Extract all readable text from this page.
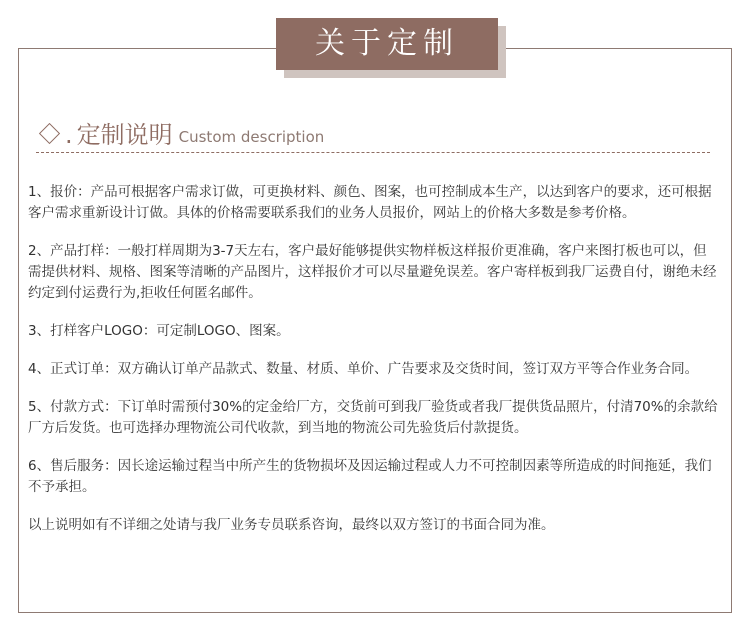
关于定制
. 定制说明 Custom description

1、报价：产品可根据客户需求订做，可更换材料、颜色、图案，也可控制成本生产，以达到客户的要求，还可根据客户需求重新设计订做。具体的价格需要联系我们的业务人员报价，网站上的价格大多数是参考价格。

2、产品打样：一般打样周期为3-7天左右，客户最好能够提供实物样板这样报价更准确，客户来图打板也可以，但需提供材料、规格、图案等清晰的产品图片，这样报价才可以尽量避免误差。客户寄样板到我厂运费自付，谢绝未经约定到付运费行为,拒收任何匿名邮件。

3、打样客户LOGO：可定制LOGO、图案。

4、正式订单：双方确认订单产品款式、数量、材质、单价、广告要求及交货时间，签订双方平等合作业务合同。

5、付款方式：下订单时需预付30%的定金给厂方，交货前可到我厂验货或者我厂提供货品照片，付清70%的余款给厂方后发货。也可选择办理物流公司代收款，到当地的物流公司先验货后付款提货。

6、售后服务：因长途运输过程当中所产生的货物损坏及因运输过程或人力不可控制因素等所造成的时间拖延，我们不予承担。

以上说明如有不详细之处请与我厂业务专员联系咨询，最终以双方签订的书面合同为准。
